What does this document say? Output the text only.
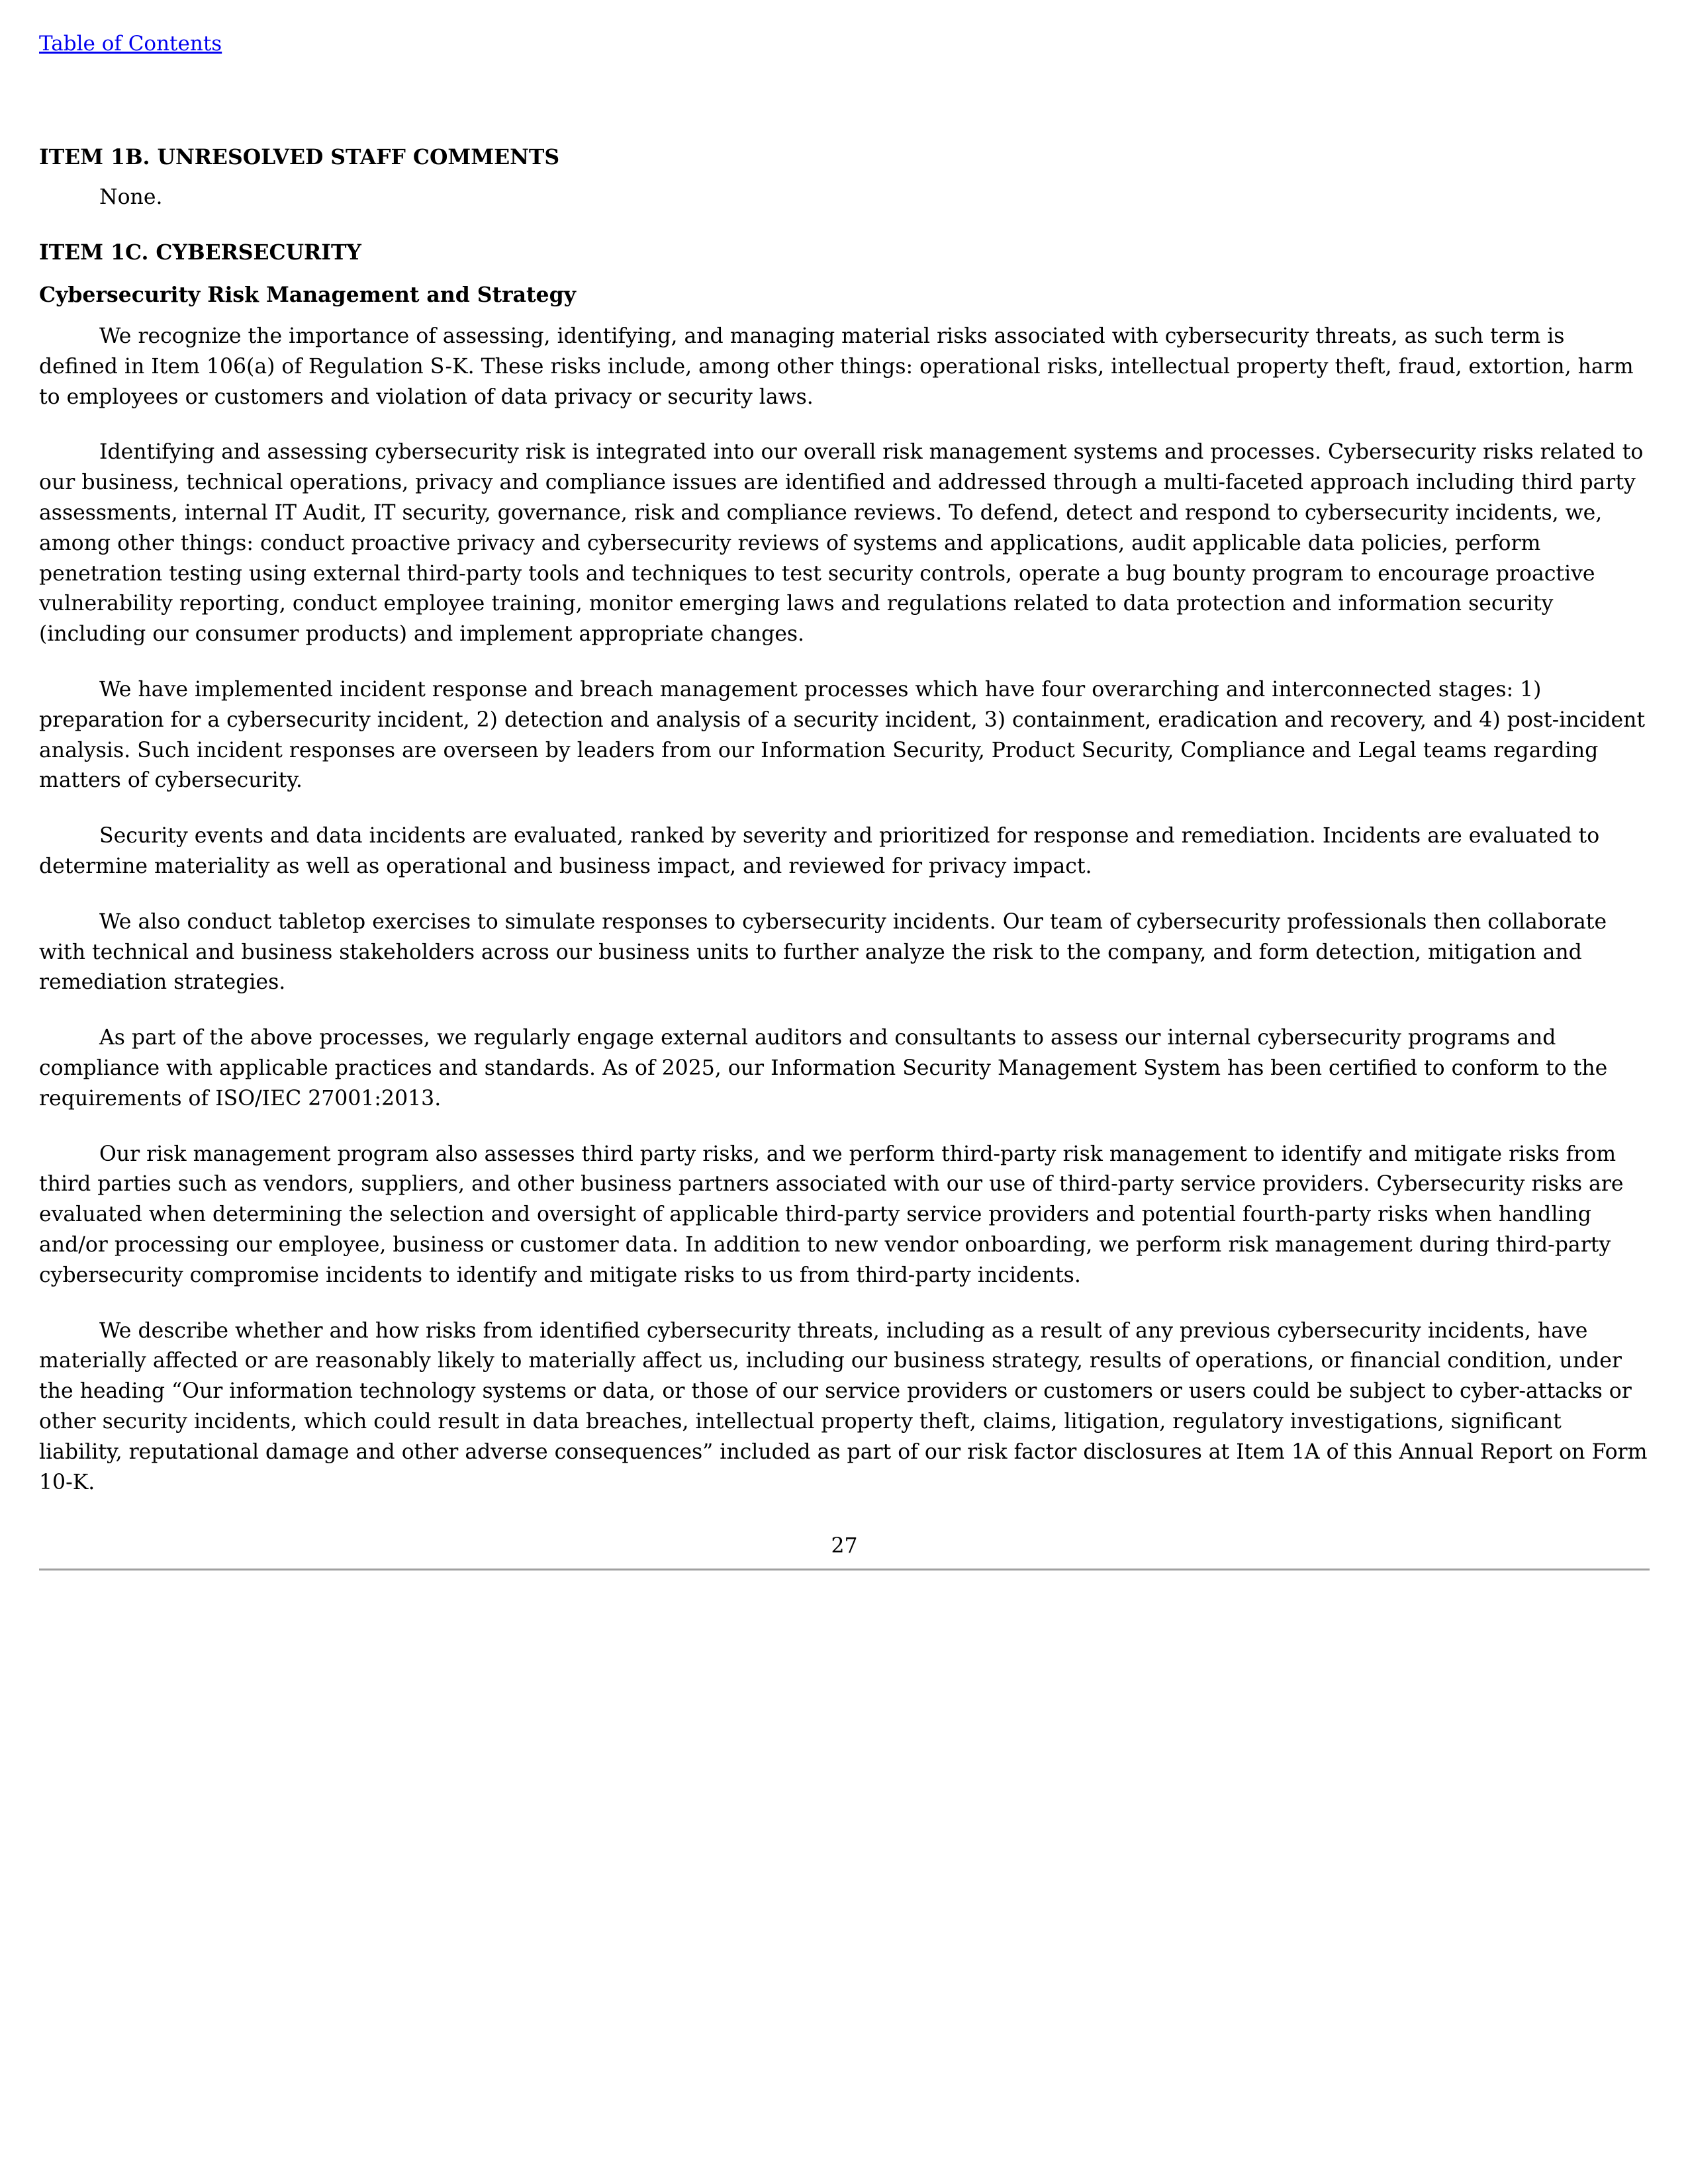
Table of Contents

ITEM 1B. UNRESOLVED STAFF COMMENTS

None.

ITEM 1C. CYBERSECURITY

Cybersecurity Risk Management and Strategy

We recognize the importance of assessing, identifying, and managing material risks associated with cybersecurity threats, as such term is defined in Item 106(a) of Regulation S-K. These risks include, among other things: operational risks, intellectual property theft, fraud, extortion, harm to employees or customers and violation of data privacy or security laws.

Identifying and assessing cybersecurity risk is integrated into our overall risk management systems and processes. Cybersecurity risks related to our business, technical operations, privacy and compliance issues are identified and addressed through a multi-faceted approach including third party assessments, internal IT Audit, IT security, governance, risk and compliance reviews. To defend, detect and respond to cybersecurity incidents, we, among other things: conduct proactive privacy and cybersecurity reviews of systems and applications, audit applicable data policies, perform penetration testing using external third-party tools and techniques to test security controls, operate a bug bounty program to encourage proactive vulnerability reporting, conduct employee training, monitor emerging laws and regulations related to data protection and information security (including our consumer products) and implement appropriate changes.

We have implemented incident response and breach management processes which have four overarching and interconnected stages: 1) preparation for a cybersecurity incident, 2) detection and analysis of a security incident, 3) containment, eradication and recovery, and 4) post-incident analysis. Such incident responses are overseen by leaders from our Information Security, Product Security, Compliance and Legal teams regarding matters of cybersecurity.

Security events and data incidents are evaluated, ranked by severity and prioritized for response and remediation. Incidents are evaluated to determine materiality as well as operational and business impact, and reviewed for privacy impact.

We also conduct tabletop exercises to simulate responses to cybersecurity incidents. Our team of cybersecurity professionals then collaborate with technical and business stakeholders across our business units to further analyze the risk to the company, and form detection, mitigation and remediation strategies.

As part of the above processes, we regularly engage external auditors and consultants to assess our internal cybersecurity programs and compliance with applicable practices and standards. As of 2025, our Information Security Management System has been certified to conform to the requirements of ISO/IEC 27001:2013.

Our risk management program also assesses third party risks, and we perform third-party risk management to identify and mitigate risks from third parties such as vendors, suppliers, and other business partners associated with our use of third-party service providers. Cybersecurity risks are evaluated when determining the selection and oversight of applicable third-party service providers and potential fourth-party risks when handling and/or processing our employee, business or customer data. In addition to new vendor onboarding, we perform risk management during third-party cybersecurity compromise incidents to identify and mitigate risks to us from third-party incidents.

We describe whether and how risks from identified cybersecurity threats, including as a result of any previous cybersecurity incidents, have materially affected or are reasonably likely to materially affect us, including our business strategy, results of operations, or financial condition, under the heading “Our information technology systems or data, or those of our service providers or customers or users could be subject to cyber-attacks or other security incidents, which could result in data breaches, intellectual property theft, claims, litigation, regulatory investigations, significant liability, reputational damage and other adverse consequences” included as part of our risk factor disclosures at Item 1A of this Annual Report on Form 10-K.

27
